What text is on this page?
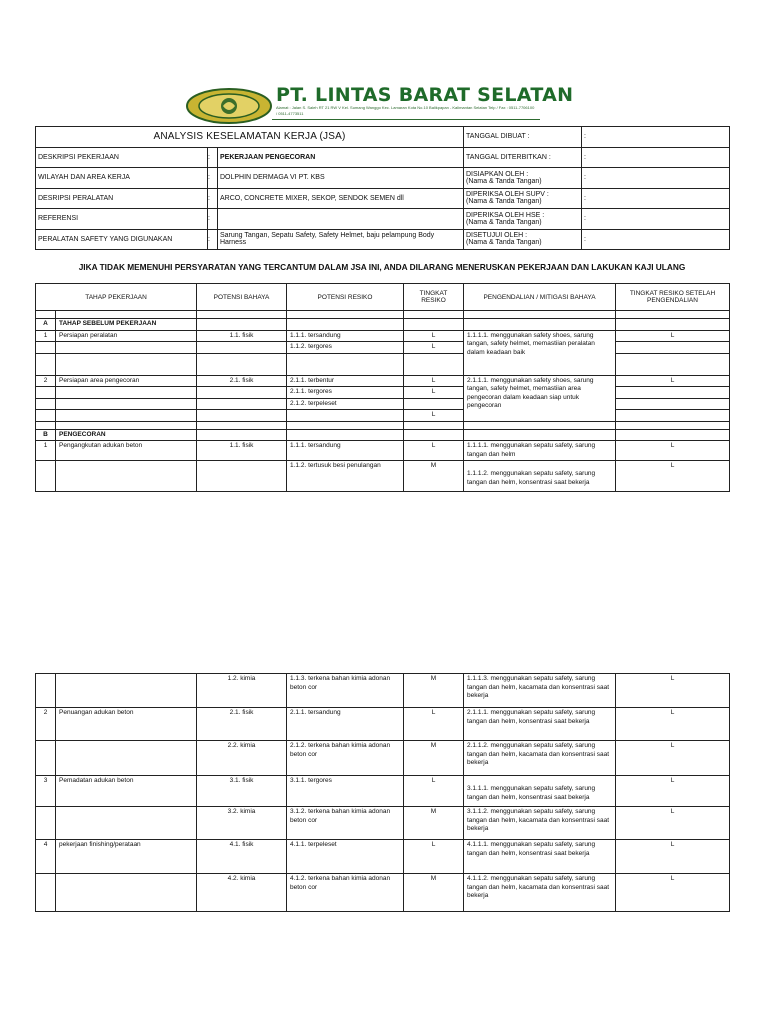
PT. LINTAS BARAT SELATAN
Alamat : Jalan S. Saleh RT 21 RW V Kel. Sumang Wanggo Kec. Lamaran Kota No.10 Balikpapan - Kalimantan Selatan Telp / Fax : 0511-7706100 / 0511-4773511
ANALYSIS KESELAMATAN KERJA (JSA)			TANGGAL DIBUAT :	:
DESKRIPSI PEKERJAAN	:	PEKERJAAN PENGECORAN	TANGGAL DITERBITKAN :	:
WILAYAH DAN AREA KERJA	:	DOLPHIN DERMAGA VI PT. KBS	DISIAPKAN OLEH :
(Nama & Tanda Tangan)	:
DESRIPSI PERALATAN	:	ARCO, CONCRETE MIXER, SEKOP, SENDOK SEMEN dll	DIPERIKSA OLEH SUPV :
(Nama & Tanda Tangan)	:
REFERENSI	:		DIPERIKSA OLEH HSE :
(Nama & Tanda Tangan)	:
PERALATAN SAFETY YANG DIGUNAKAN	:	Sarung Tangan, Sepatu Safety, Safety Helmet, baju pelampung Body Harness	DISETUJUI OLEH :
(Nama & Tanda Tangan)	:
JIKA TIDAK MEMENUHI PERSYARATAN YANG TERCANTUM DALAM JSA INI, ANDA DILARANG MENERUSKAN PEKERJAAN DAN LAKUKAN KAJI ULANG
TAHAP PEKERJAAN		POTENSI BAHAYA	POTENSI RESIKO	TINGKAT RESIKO	PENGENDALIAN / MITIGASI BAHAYA	TINGKAT RESIKO SETELAH PENGENDALIAN

A	TAHAP SEBELUM PEKERJAAN					
1	Persiapan peralatan	1.1. fisik	1.1.1. tersandung	L	1.1.1.1. menggunakan safety shoes, sarung tangan, safety helmet, memastiian peralatan dalam keadaan baik	L
			1.1.2. tergores	L		

2	Persiapan area pengecoran	2.1. fisik	2.1.1. terbentur	L	2.1.1.1. menggunakan safety shoes, sarung tangan, safety helmet, memastiian area pengecoran dalam keadaan siap untuk pengecoran	L
			2.1.1. tergores	L		
			2.1.2. terpeleset			
				L		

B	PENGECORAN					
1	Pengangkutan adukan beton	1.1. fisik	1.1.1. tersandung	L	1.1.1.1. menggunakan sepatu safety, sarung tangan dan helm	L
			1.1.2. tertusuk besi penulangan	M	1.1.1.2. menggunakan sepatu safety, sarung tangan dan helm, konsentrasi saat bekerja	L
		1.2. kimia	1.1.3. terkena bahan kimia adonan beton cor	M	1.1.1.3. menggunakan sepatu safety, sarung tangan dan helm, kacamata dan konsentrasi saat bekerja	L
2	Penuangan adukan beton	2.1. fisik	2.1.1. tersandung	L	2.1.1.1. menggunakan sepatu safety, sarung tangan dan helm, konsentrasi saat bekerja	L
		2.2. kimia	2.1.2. terkena bahan kimia adonan beton cor	M	2.1.1.2. menggunakan sepatu safety, sarung tangan dan helm, kacamata dan konsentrasi saat bekerja	L
3	Pemadatan adukan beton	3.1. fisik	3.1.1. tergores	L	3.1.1.1. menggunakan sepatu safety, sarung tangan dan helm, konsentrasi saat bekerja	L
		3.2. kimia	3.1.2. terkena bahan kimia adonan beton cor	M	3.1.1.2. menggunakan sepatu safety, sarung tangan dan helm, kacamata dan konsentrasi saat bekerja	L
4	pekerjaan finishing/perataan	4.1. fisik	4.1.1. terpeleset	L	4.1.1.1. menggunakan sepatu safety, sarung tangan dan helm, konsentrasi saat bekerja	L
		4.2. kimia	4.1.2. terkena bahan kimia adonan beton cor	M	4.1.1.2. menggunakan sepatu safety, sarung tangan dan helm, kacamata dan konsentrasi saat bekerja	L
